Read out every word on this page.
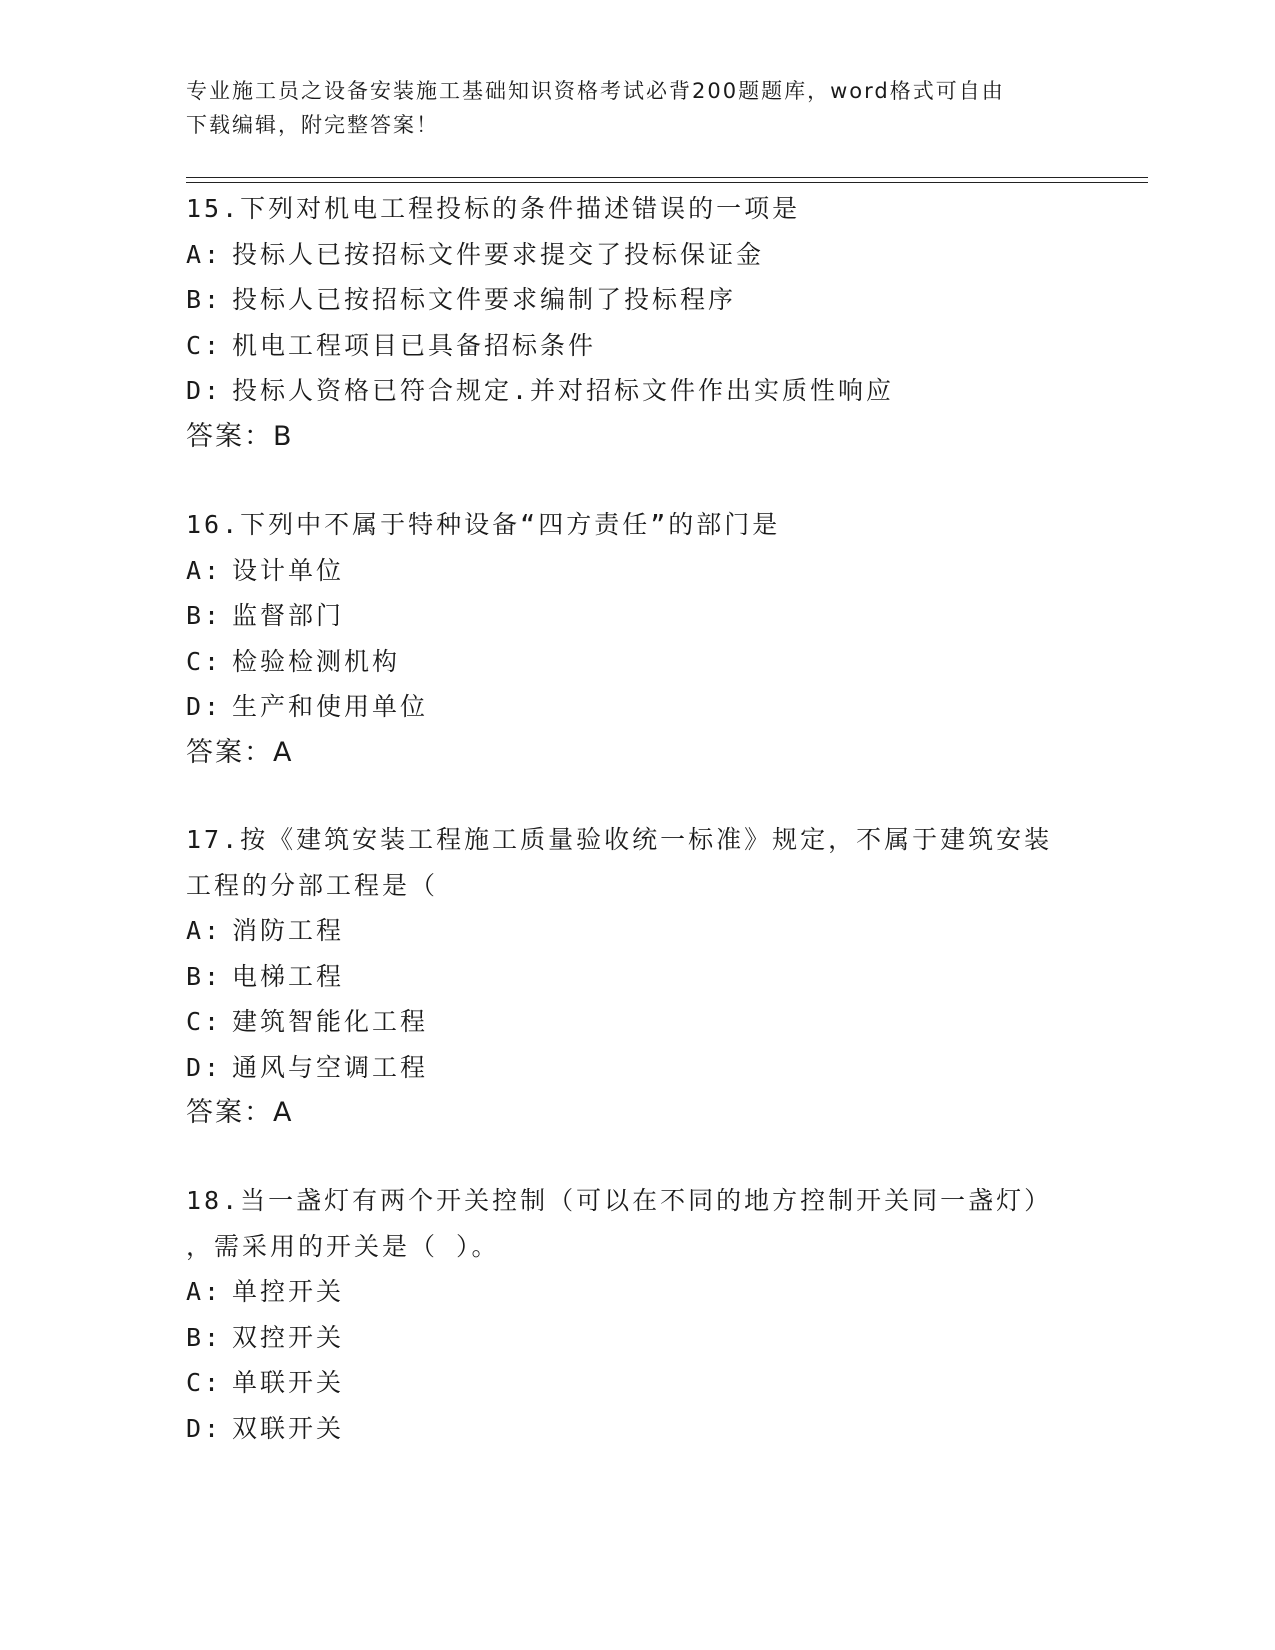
专业施工员之设备安装施工基础知识资格考试必背200题题库，word格式可自由
下载编辑，附完整答案！
15.下列对机电工程投标的条件描述错误的一项是
A: 投标人已按招标文件要求提交了投标保证金
B: 投标人已按招标文件要求编制了投标程序
C: 机电工程项目已具备招标条件
D: 投标人资格已符合规定.并对招标文件作出实质性响应
答案：B
16.下列中不属于特种设备“四方责任”的部门是
A: 设计单位
B: 监督部门
C: 检验检测机构
D: 生产和使用单位
答案：A
17.按《建筑安装工程施工质量验收统一标准》规定，不属于建筑安装
工程的分部工程是（
A: 消防工程
B: 电梯工程
C: 建筑智能化工程
D: 通风与空调工程
答案：A
18.当一盏灯有两个开关控制（可以在不同的地方控制开关同一盏灯）
，需采用的开关是（ ）。
A: 单控开关
B: 双控开关
C: 单联开关
D: 双联开关
